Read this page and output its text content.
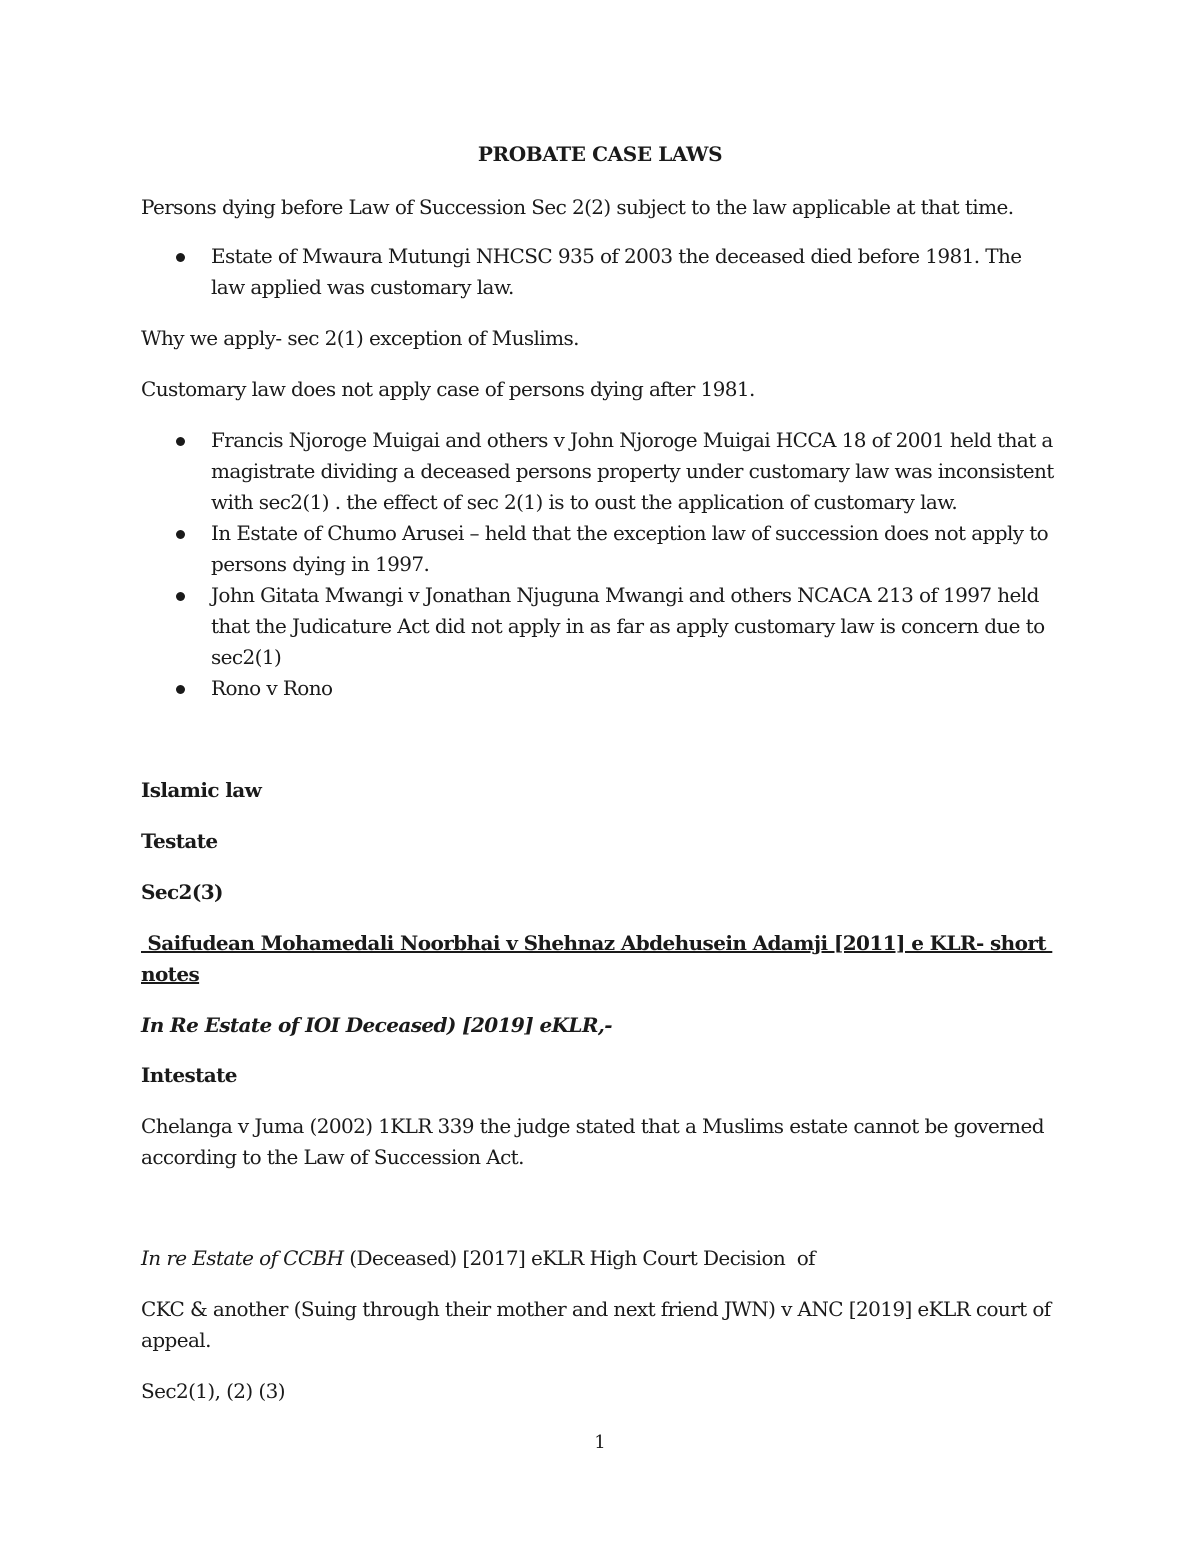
PROBATE CASE LAWS
Persons dying before Law of Succession Sec 2(2) subject to the law applicable at that time.
Estate of Mwaura Mutungi NHCSC 935 of 2003 the deceased died before 1981. The
law applied was customary law.
Why we apply- sec 2(1) exception of Muslims.
Customary law does not apply case of persons dying after 1981.
Francis Njoroge Muigai and others v John Njoroge Muigai HCCA 18 of 2001 held that a
magistrate dividing a deceased persons property under customary law was inconsistent
with sec2(1) . the effect of sec 2(1) is to oust the application of customary law.
In Estate of Chumo Arusei – held that the exception law of succession does not apply to
persons dying in 1997.
John Gitata Mwangi v Jonathan Njuguna Mwangi and others NCACA 213 of 1997 held
that the Judicature Act did not apply in as far as apply customary law is concern due to
sec2(1)
Rono v Rono
Islamic law
Testate
Sec2(3)
Saifudean Mohamedali Noorbhai v Shehnaz Abdehusein Adamji [2011] e KLR- short
notes
In Re Estate of IOI Deceased) [2019] eKLR,-
Intestate
Chelanga v Juma (2002) 1KLR 339 the judge stated that a Muslims estate cannot be governed
according to the Law of Succession Act.
In re Estate of CCBH (Deceased) [2017] eKLR High Court Decision  of
CKC & another (Suing through their mother and next friend JWN) v ANC [2019] eKLR court of
appeal.
Sec2(1), (2) (3)
1
